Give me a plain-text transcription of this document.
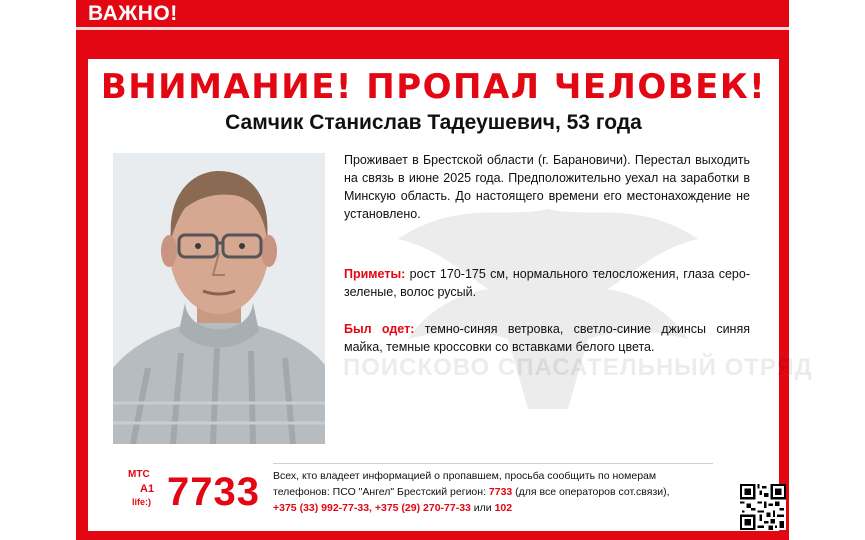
ВАЖНО!
ВНИМАНИЕ! ПРОПАЛ ЧЕЛОВЕК!
Самчик Станислав Тадеушевич, 53 года
ПОИСКОВО СПАСАТЕЛЬНЫЙ ОТРЯД
Проживает в Брестской области (г. Барановичи). Перестал выходить на связь в июне 2025 года. Предположительно уехал на заработки в Минскую область. До настоящего времени его местонахождение не установлено.
Приметы: рост 170-175 см, нормального телосложения, глаза серо-зеленые, волос русый.
Был одет: темно-синяя ветровка, светло-синие джинсы синяя майка, темные кроссовки со вставками белого цвета.
МТС
A1
life:) 7733 Всех, кто владеет информацией о пропавшем, просьба сообщить по номерам
телефонов: ПСО "Ангел" Брестский регион: 7733 (для все операторов сот.связи),
+375 (33) 992-77-33, +375 (29) 270-77-33 или 102
